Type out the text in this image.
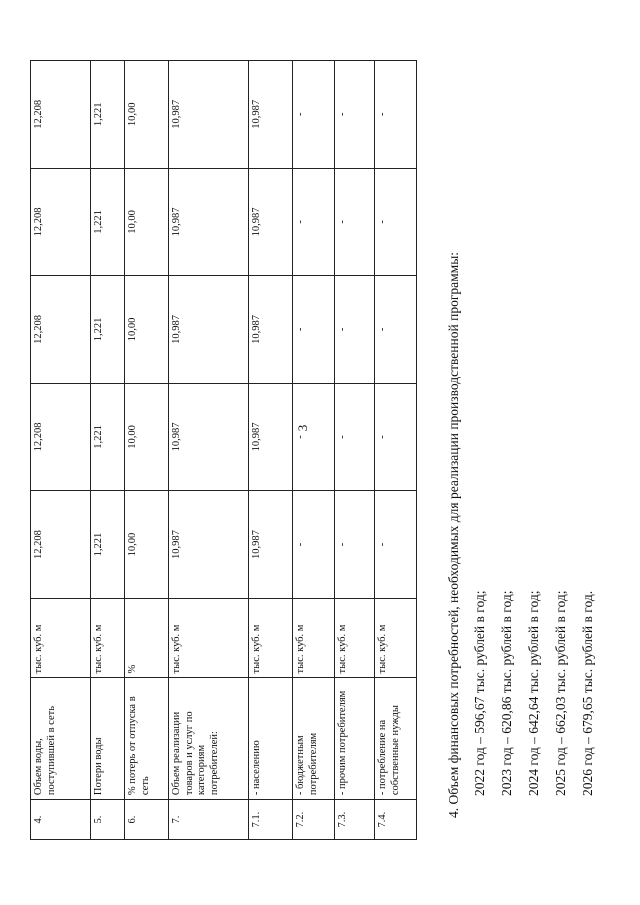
3
4.	Объем воды, поступившей в сеть	тыс. куб. м	12,208	12,208	12,208	12,208	12,208
5.	Потери воды	тыс. куб. м	1,221	1,221	1,221	1,221	1,221
6.	% потерь от отпуска в сеть	%	10,00	10,00	10,00	10,00	10,00
7.	Объем реализации товаров и услуг по категориям потребителей:	тыс. куб. м	10,987	10,987	10,987	10,987	10,987
7.1.	- населению	тыс. куб. м	10,987	10,987	10,987	10,987	10,987
7.2.	- бюджетным потребителям	тыс. куб. м	-	-	-	-	-
7.3.	- прочим потребителям	тыс. куб. м	-	-	-	-	-
7.4.	- потребление на собственные нужды	тыс. куб. м	-	-	-	-	-
4. Объем финансовых потребностей, необходимых для реализации производственной программы: 2022 год – 596,67 тыс. рублей в год; 2023 год – 620,86 тыс. рублей в год; 2024 год – 642,64 тыс. рублей в год; 2025 год – 662,03 тыс. рублей в год; 2026 год – 679,65 тыс. рублей в год.
